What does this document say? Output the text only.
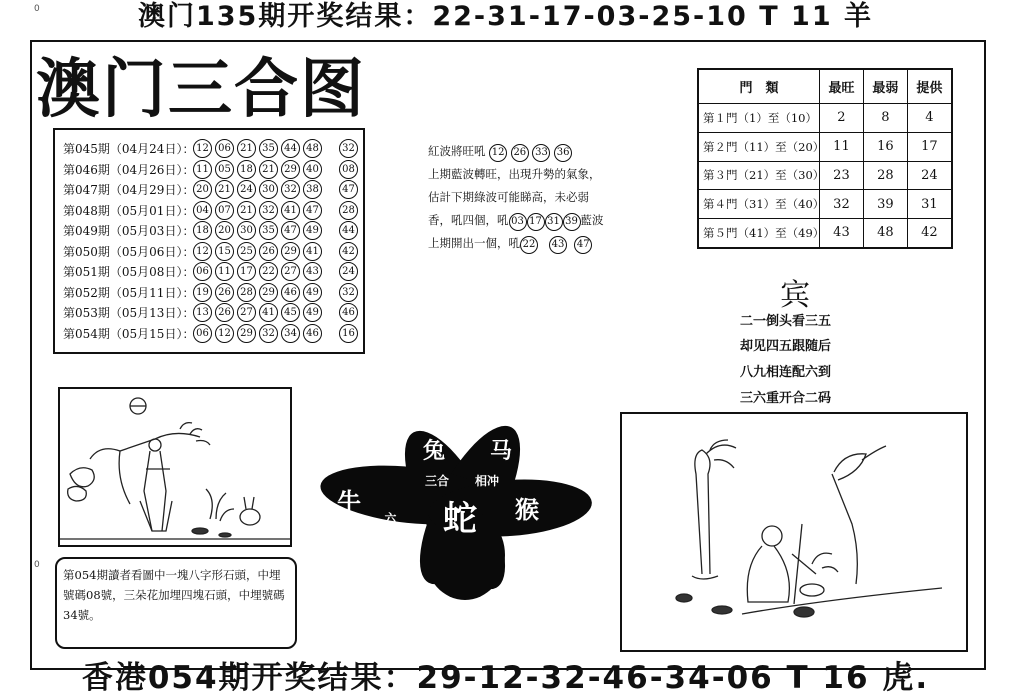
澳门135期开奖结果：22-31-17-03-25-10 T 11 羊
0
0
澳门三合图
第045期（04月24日）： 12 06 21 35 44 48	32
第046期（04月26日）： 11 05 18 21 29 40	08
第047期（04月29日）： 20 21 24 30 32 38	47
第048期（05月01日）： 04 07 21 32 41 47	28
第049期（05月03日）： 18 20 30 35 47 49	44
第050期（05月06日）： 12 15 25 26 29 41	42
第051期（05月08日）： 06 11 17 22 27 43	24
第052期（05月11日）： 19 26 28 29 46 49	32
第053期（05月13日）： 13 26 27 41 45 49	46
第054期（05月15日）： 06 12 29 32 34 46	16
紅波將旺吼 12 26 33 36
上期藍波轉旺，出現升勢的氣象，
估計下期綠波可能睇高，未必弱
香，吼四個，吼 03 17 31 39 藍波
上期開出一個，吼 22 43 47
門　類	最旺	最弱	提供
第１門（1）至（10）	2	8	4
第２門（11）至（20）	11	16	17
第３門（21）至（30）	23	28	24
第４門（31）至（40）	32	39	31
第５門（41）至（49）	43	48	42
宾
二一倒头看三五
却见四五跟随后
八九相连配六到
三六重开合二码
兔 马
三合 相冲
牛
六合 蛇 猴
第054期讀者看圖中一塊八字形石頭，中埋號碼08號，三朵花加埋四塊石頭，中埋號碼34號。
香港054期开奖结果：29-12-32-46-34-06 T 16 虎.
